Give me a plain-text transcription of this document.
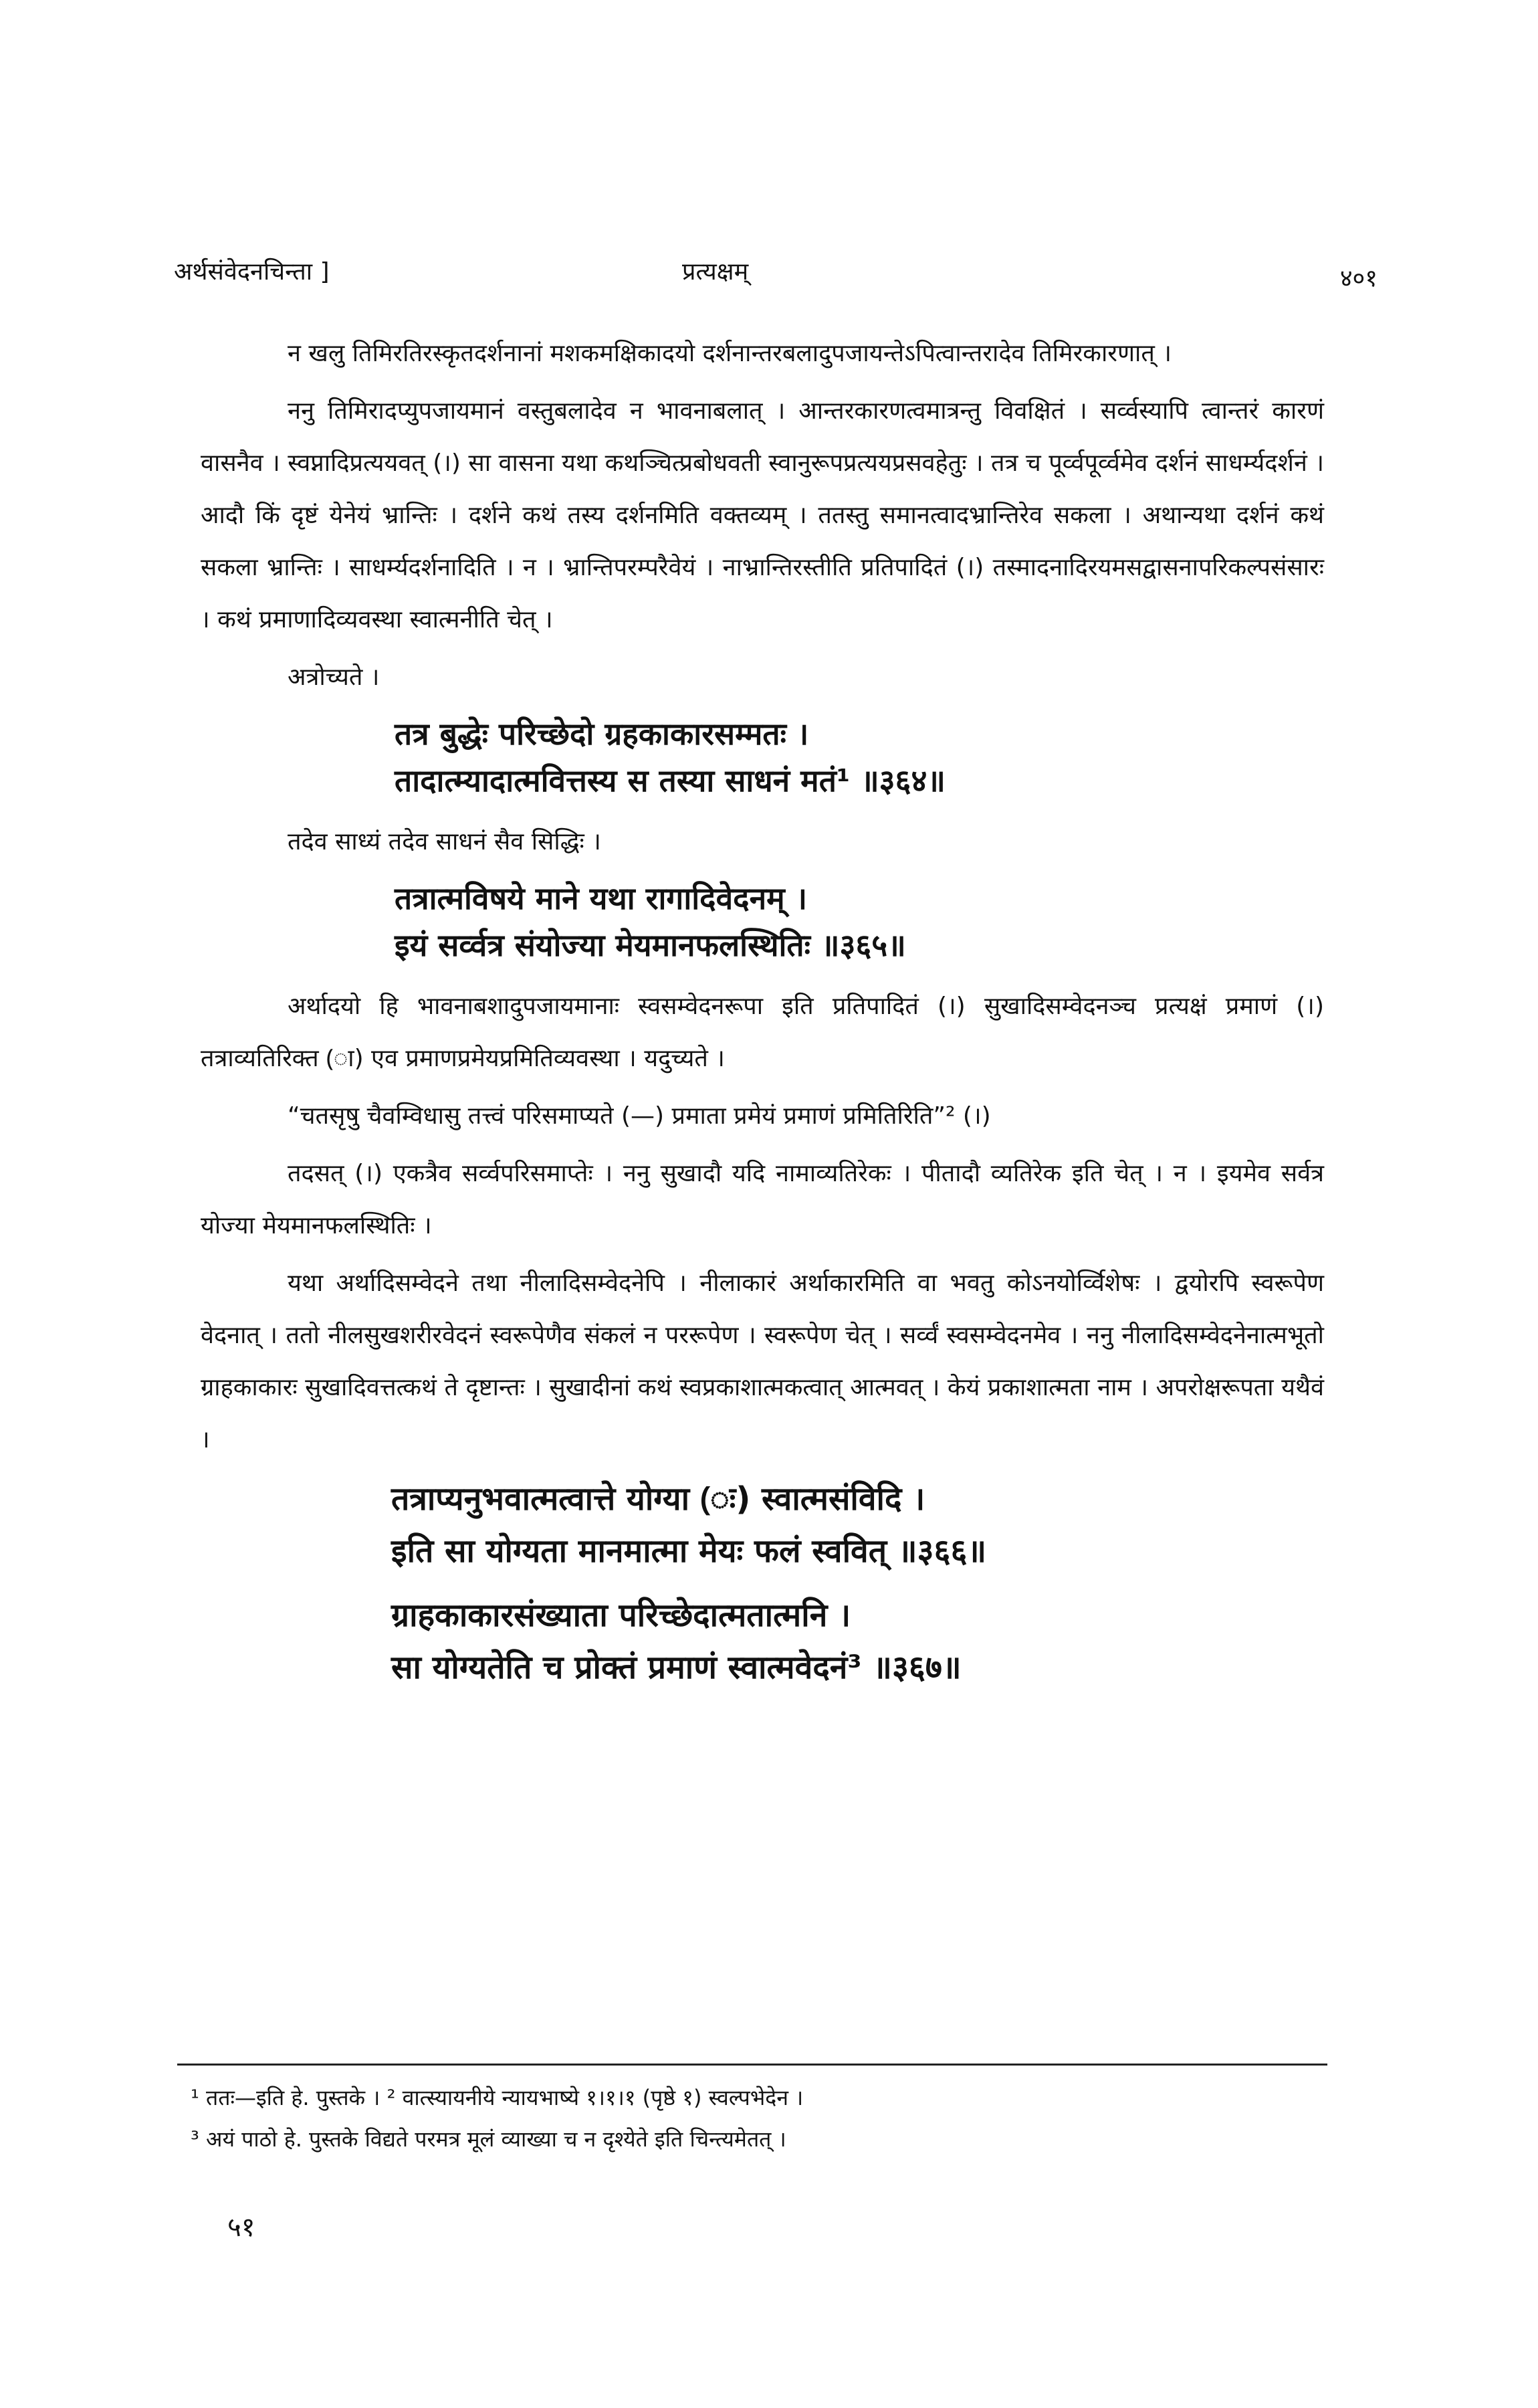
अर्थसंवेदनचिन्ता ]	प्रत्यक्षम्	४०१

न खलु तिमिरतिरस्कृतदर्शनानां मशकमक्षिकादयो दर्शनान्तरबलादुपजायन्तेऽपित्वान्तरादेव तिमिरकारणात् ।

ननु तिमिरादप्युपजायमानं वस्तुबलादेव न भावनाबलात् । आन्तरकारणत्वमात्रन्तु विवक्षितं । सर्व्वस्यापि त्वान्तरं कारणं वासनैव । स्वप्नादिप्रत्ययवत् (।) सा वासना यथा कथञ्चित्प्रबोधवती स्वानुरूपप्रत्ययप्रसवहेतुः । तत्र च पूर्व्वपूर्व्वमेव दर्शनं साधर्म्यदर्शनं । आदौ किं दृष्टं येनेयं भ्रान्तिः । दर्शने कथं तस्य दर्शनमिति वक्तव्यम् । ततस्तु समानत्वादभ्रान्तिरेव सकला । अथान्यथा दर्शनं कथं सकला भ्रान्तिः । साधर्म्यदर्शनादिति । न । भ्रान्तिपरम्परैवेयं । नाभ्रान्तिरस्तीति प्रतिपादितं (।) तस्मादनादिरयमसद्वासनापरिकल्पसंसारः । कथं प्रमाणादिव्यवस्था स्वात्मनीति चेत् ।

अत्रोच्यते ।

तत्र बुद्धेः परिच्छेदो ग्रहकाकारसम्मतः ।
तादात्म्यादात्मवित्तस्य स तस्या साधनं मतं¹ ॥३६४॥

तदेव साध्यं तदेव साधनं सैव सिद्धिः ।

तत्रात्मविषये माने यथा रागादिवेदनम् ।
इयं सर्व्वत्र संयोज्या मेयमानफलस्थितिः ॥३६५॥

अर्थादयो हि भावनाबशादुपजायमानाः स्वसम्वेदनरूपा इति प्रतिपादितं (।) सुखादिसम्वेदनञ्च प्रत्यक्षं प्रमाणं (।) तत्राव्यतिरिक्त (ा) एव प्रमाणप्रमेयप्रमितिव्यवस्था । यदुच्यते ।

“चतसृषु चैवम्विधासु तत्त्वं परिसमाप्यते (—) प्रमाता प्रमेयं प्रमाणं प्रमितिरिति”² (।)

तदसत् (।) एकत्रैव सर्व्वपरिसमाप्तेः । ननु सुखादौ यदि नामाव्यतिरेकः । पीतादौ व्यतिरेक इति चेत् । न । इयमेव सर्वत्र योज्या मेयमानफलस्थितिः ।

यथा अर्थादिसम्वेदने तथा नीलादिसम्वेदनेपि । नीलाकारं अर्थाकारमिति वा भवतु कोऽनयोर्व्विशेषः । द्वयोरपि स्वरूपेण वेदनात् । ततो नीलसुखशरीरवेदनं स्वरूपेणैव संकलं न पररूपेण । स्वरूपेण चेत् । सर्व्वं स्वसम्वेदनमेव । ननु नीलादिसम्वेदनेनात्मभूतो ग्राहकाकारः सुखादिवत्तत्कथं ते दृष्टान्तः । सुखादीनां कथं स्वप्रकाशात्मकत्वात् आत्मवत् । केयं प्रकाशात्मता नाम । अपरोक्षरूपता यथैवं ।

तत्राप्यनुभवात्मत्वात्ते योग्या (ः) स्वात्मसंविदि ।
इति सा योग्यता मानमात्मा मेयः फलं स्ववित् ॥३६६॥
ग्राहकाकारसंख्याता परिच्छेदात्मतात्मनि ।
सा योग्यतेति च प्रोक्तं प्रमाणं स्वात्मवेदनं³ ॥३६७॥

¹ ततः—इति हे. पुस्तके । ² वात्स्यायनीये न्यायभाष्ये १।१।१ (पृष्ठे १) स्वल्पभेदेन ।

³ अयं पाठो हे. पुस्तके विद्यते परमत्र मूलं व्याख्या च न दृश्येते इति चिन्त्यमेतत् ।

५१
